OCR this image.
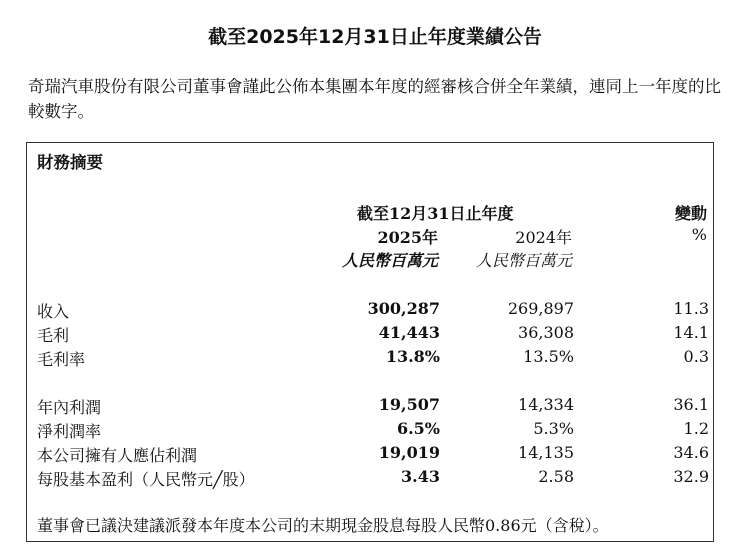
截至2025年12月31日止年度業績公告
奇瑞汽車股份有限公司董事會謹此公佈本集團本年度的經審核合併全年業績，連同上一年度的比較數字。
財務摘要
截至12月31日止年度	變動
2025年	2024年	%
人民幣百萬元 人民幣百萬元
收入	300,287	269,897	11.3
毛利	41,443	36,308	14.1
毛利率	13.8%	13.5%	0.3
年內利潤	19,507	14,334	36.1
淨利潤率	6.5%	5.3%	1.2
本公司擁有人應佔利潤	19,019	14,135	34.6
每股基本盈利（人民幣元╱股）	3.43	2.58	32.9
董事會已議決建議派發本年度本公司的末期現金股息每股人民幣0.86元（含稅）。
